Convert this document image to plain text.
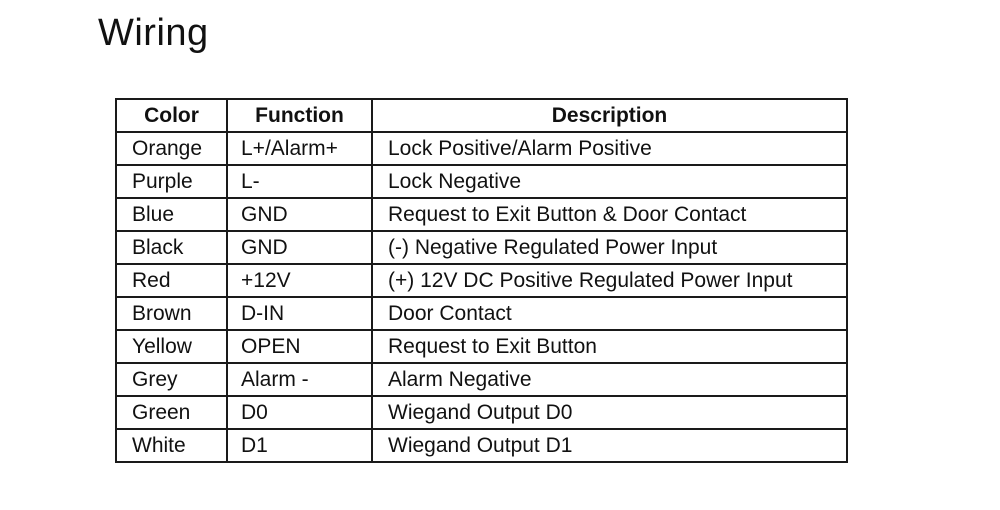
Wiring
Color	Function	Description
Orange	L+/Alarm+	Lock Positive/Alarm Positive
Purple	L-	Lock Negative
Blue	GND	Request to Exit Button & Door Contact
Black	GND	(-) Negative Regulated Power Input
Red	+12V	(+) 12V DC Positive Regulated Power Input
Brown	D-IN	Door Contact
Yellow	OPEN	Request to Exit Button
Grey	Alarm -	Alarm Negative
Green	D0	Wiegand Output D0
White	D1	Wiegand Output D1
